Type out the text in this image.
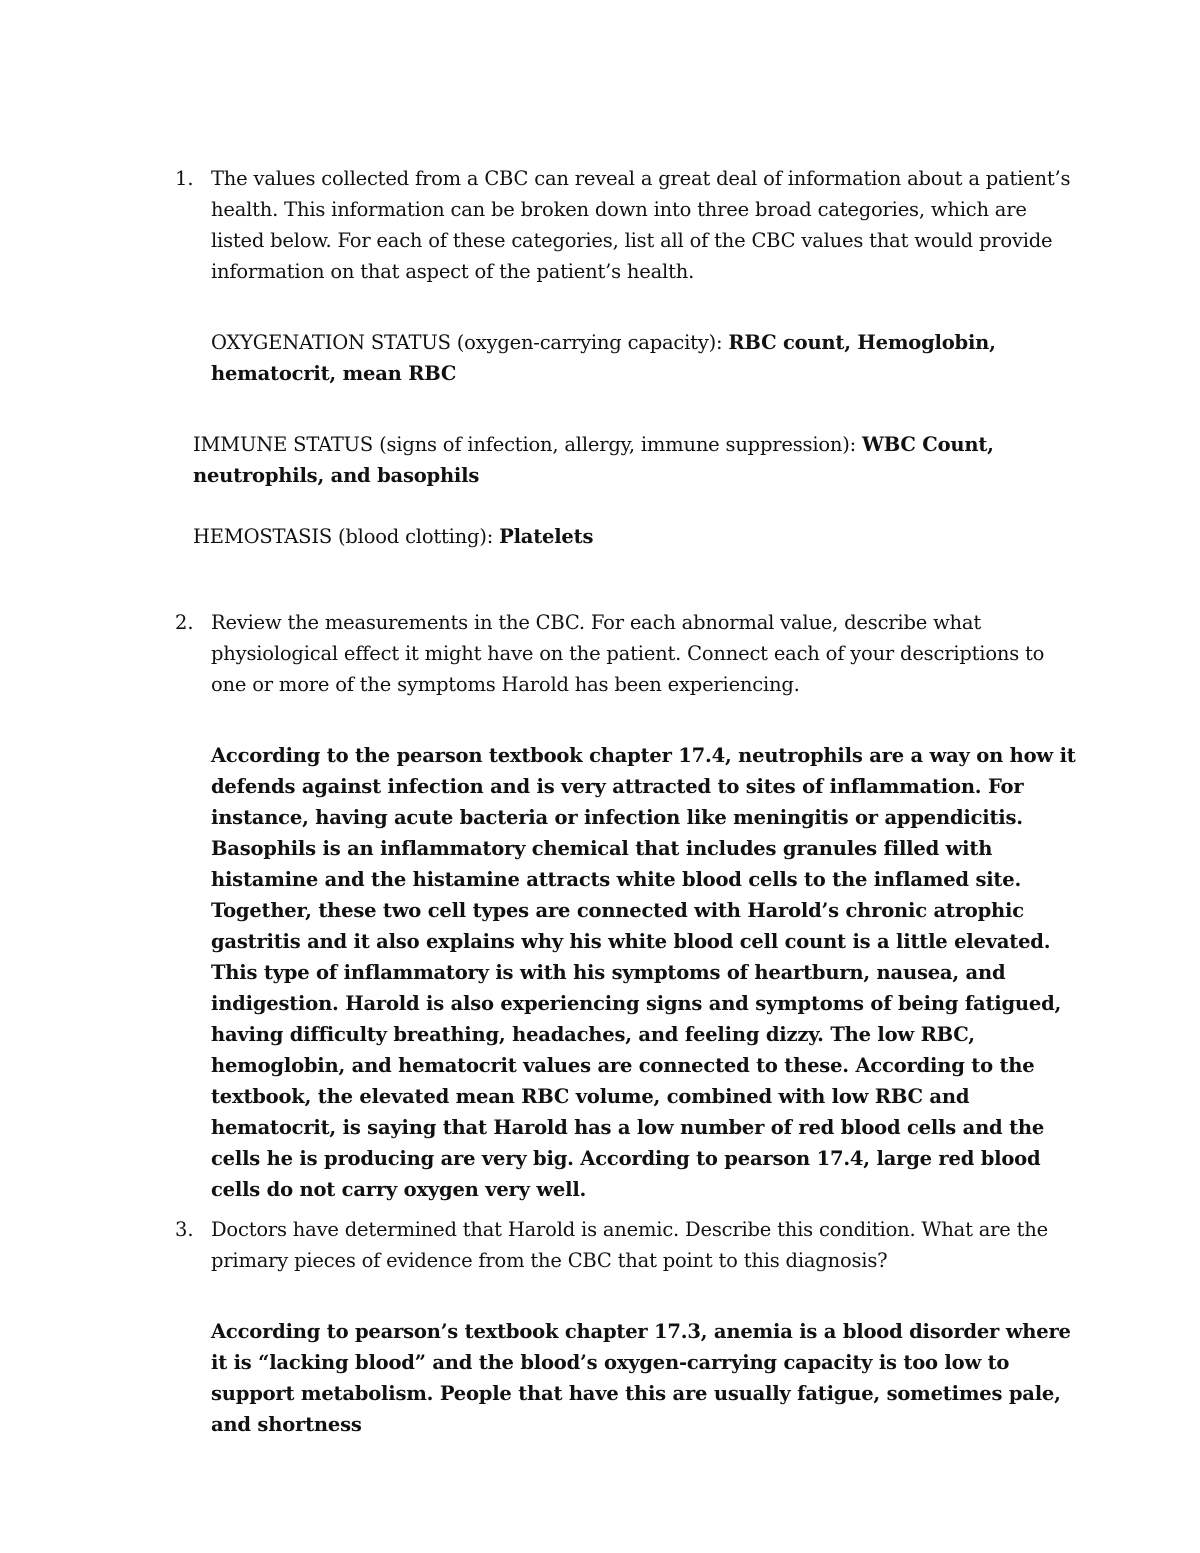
1. The values collected from a CBC can reveal a great deal of information about a patient’s health. This information can be broken down into three broad categories, which are listed below. For each of these categories, list all of the CBC values that would provide information on that aspect of the patient’s health.
OXYGENATION STATUS (oxygen-carrying capacity): RBC count, Hemoglobin, hematocrit, mean RBC
IMMUNE STATUS (signs of infection, allergy, immune suppression): WBC Count, neutrophils, and basophils
HEMOSTASIS (blood clotting): Platelets
2. Review the measurements in the CBC. For each abnormal value, describe what physiological effect it might have on the patient. Connect each of your descriptions to one or more of the symptoms Harold has been experiencing.
According to the pearson textbook chapter 17.4, neutrophils are a way on how it defends against infection and is very attracted to sites of inflammation. For instance, having acute bacteria or infection like meningitis or appendicitis. Basophils is an inflammatory chemical that includes granules filled with histamine and the histamine attracts white blood cells to the inflamed site. Together, these two cell types are connected with Harold’s chronic atrophic gastritis and it also explains why his white blood cell count is a little elevated. This type of inflammatory is with his symptoms of heartburn, nausea, and indigestion. Harold is also experiencing signs and symptoms of being fatigued, having difficulty breathing, headaches, and feeling dizzy. The low RBC, hemoglobin, and hematocrit values are connected to these. According to the textbook, the elevated mean RBC volume, combined with low RBC and hematocrit, is saying that Harold has a low number of red blood cells and the cells he is producing are very big. According to pearson 17.4, large red blood cells do not carry oxygen very well.
3. Doctors have determined that Harold is anemic. Describe this condition. What are the primary pieces of evidence from the CBC that point to this diagnosis?
According to pearson’s textbook chapter 17.3, anemia is a blood disorder where it is “lacking blood” and the blood’s oxygen-carrying capacity is too low to support metabolism. People that have this are usually fatigue, sometimes pale, and shortness
